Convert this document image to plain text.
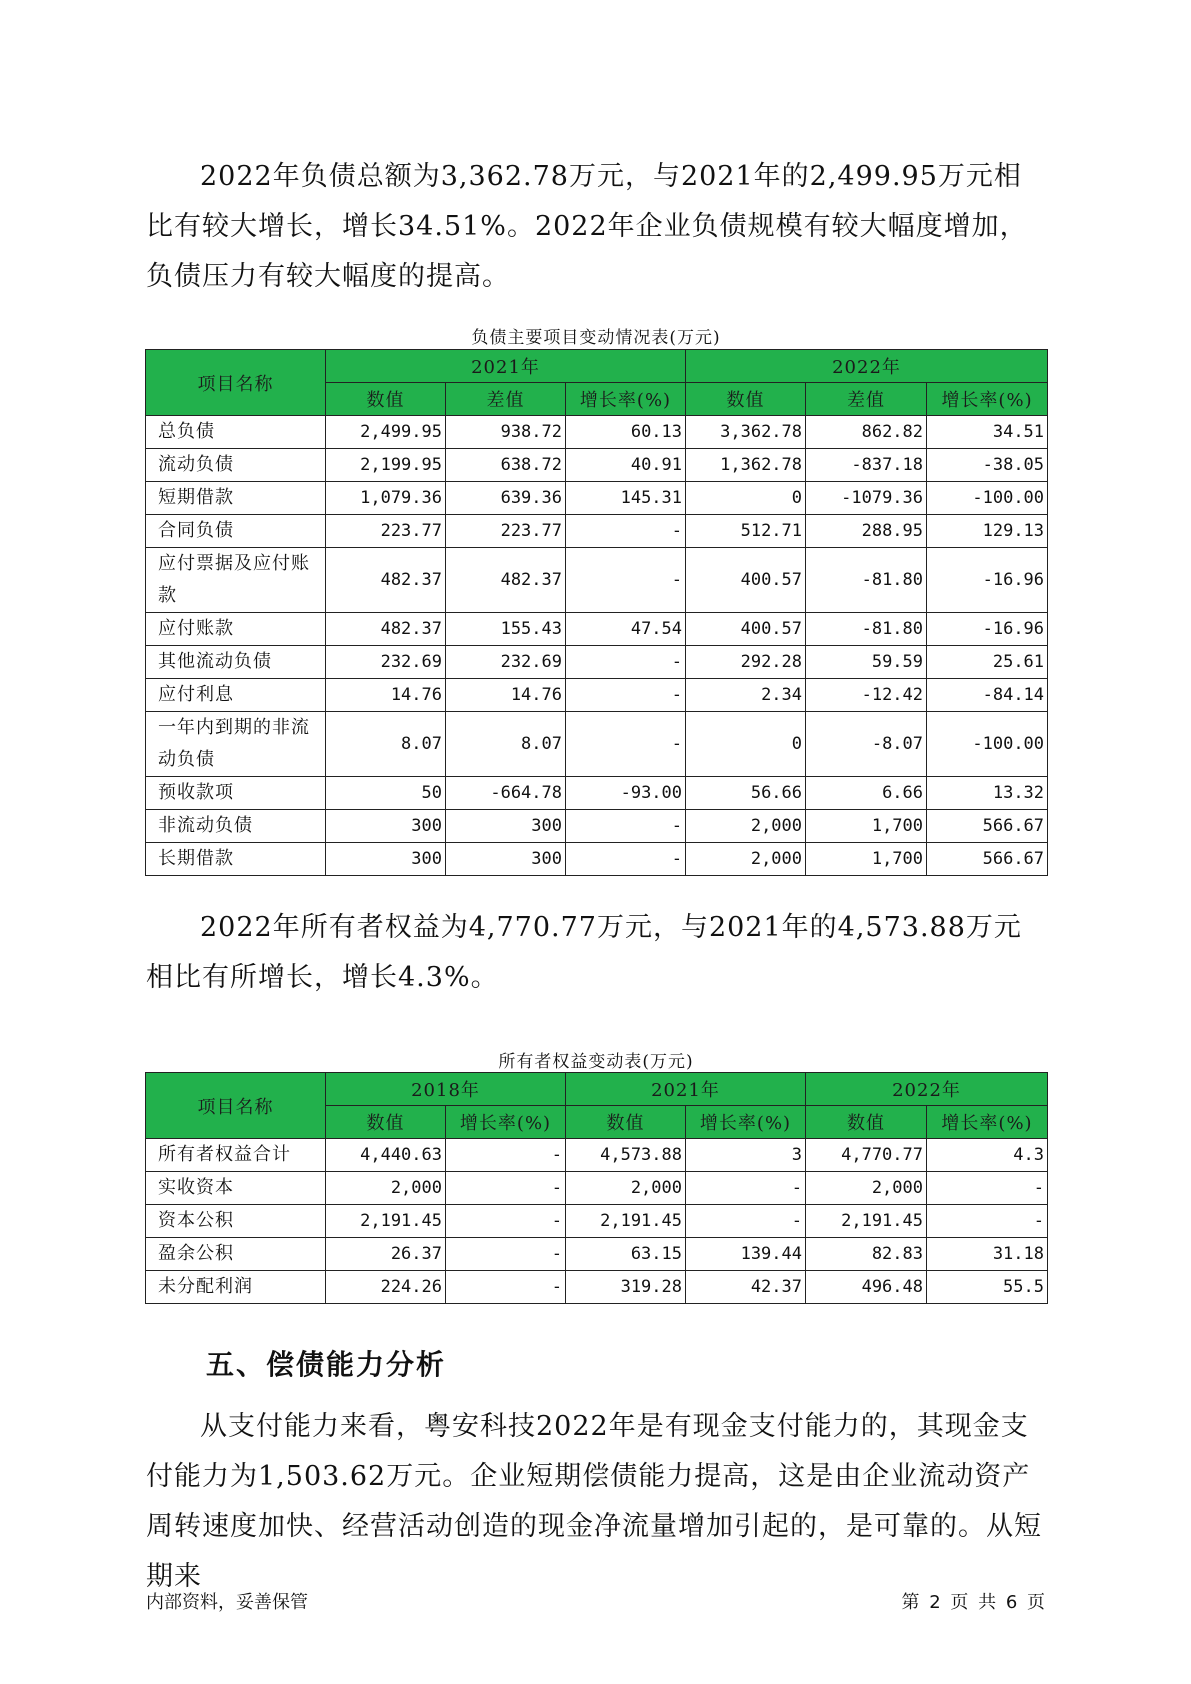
2022年负债总额为3,362.78万元，与2021年的2,499.95万元相比有较大增长，增长34.51%。2022年企业负债规模有较大幅度增加，负债压力有较大幅度的提高。

负债主要项目变动情况表(万元)
项目名称	2021年			2022年		
	数值	差值	增长率(%)	数值	差值	增长率(%)
总负债	2,499.95	938.72	60.13	3,362.78	862.82	34.51
流动负债	2,199.95	638.72	40.91	1,362.78	-837.18	-38.05
短期借款	1,079.36	639.36	145.31	0	-1079.36	-100.00
合同负债	223.77	223.77	-	512.71	288.95	129.13
应付票据及应付账款	482.37	482.37	-	400.57	-81.80	-16.96
应付账款	482.37	155.43	47.54	400.57	-81.80	-16.96
其他流动负债	232.69	232.69	-	292.28	59.59	25.61
应付利息	14.76	14.76	-	2.34	-12.42	-84.14
一年内到期的非流动负债	8.07	8.07	-	0	-8.07	-100.00
预收款项	50	-664.78	-93.00	56.66	6.66	13.32
非流动负债	300	300	-	2,000	1,700	566.67
长期借款	300	300	-	2,000	1,700	566.67

2022年所有者权益为4,770.77万元，与2021年的4,573.88万元相比有所增长，增长4.3%。

所有者权益变动表(万元)
项目名称	2018年		2021年		2022年	
	数值	增长率(%)	数值	增长率(%)	数值	增长率(%)
所有者权益合计	4,440.63	-	4,573.88	3	4,770.77	4.3
实收资本	2,000	-	2,000	-	2,000	-
资本公积	2,191.45	-	2,191.45	-	2,191.45	-
盈余公积	26.37	-	63.15	139.44	82.83	31.18
未分配利润	224.26	-	319.28	42.37	496.48	55.5
五、偿债能力分析

从支付能力来看，粤安科技2022年是有现金支付能力的，其现金支付能力为1,503.62万元。企业短期偿债能力提高，这是由企业流动资产周转速度加快、经营活动创造的现金净流量增加引起的，是可靠的。从短期来

内部资料，妥善保管	第 2 页 共 6 页
